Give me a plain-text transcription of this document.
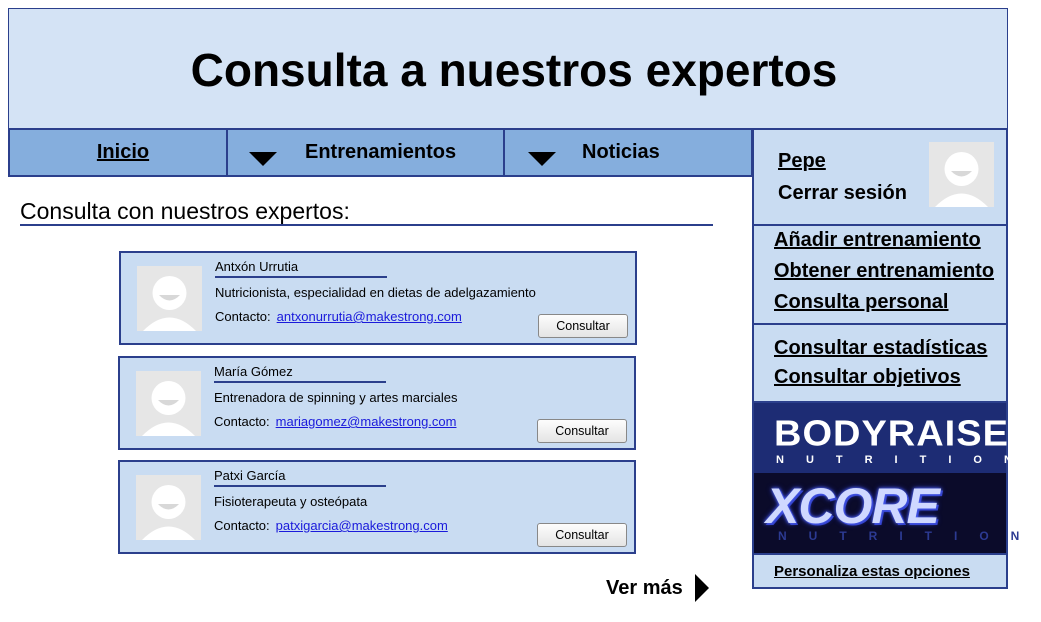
Consulta a nuestros expertos
Inicio	Entrenamientos	Noticias
Consulta con nuestros expertos:
Antxón Urrutia
Nutricionista, especialidad en dietas de adelgazamiento
Contacto: antxonurrutia@makestrong.com
Consultar
María Gómez
Entrenadora de spinning y artes marciales
Contacto: mariagomez@makestrong.com
Consultar
Patxi García
Fisioterapeuta y osteópata
Contacto: patxigarcia@makestrong.com
Consultar
Ver más
Pepe
Cerrar sesión
Añadir entrenamiento
Obtener entrenamiento
Consulta personal
Consultar estadísticas
Consultar objetivos
BODYRAISE
NUTRITION
XCORE
NUTRITION
Personaliza estas opciones
